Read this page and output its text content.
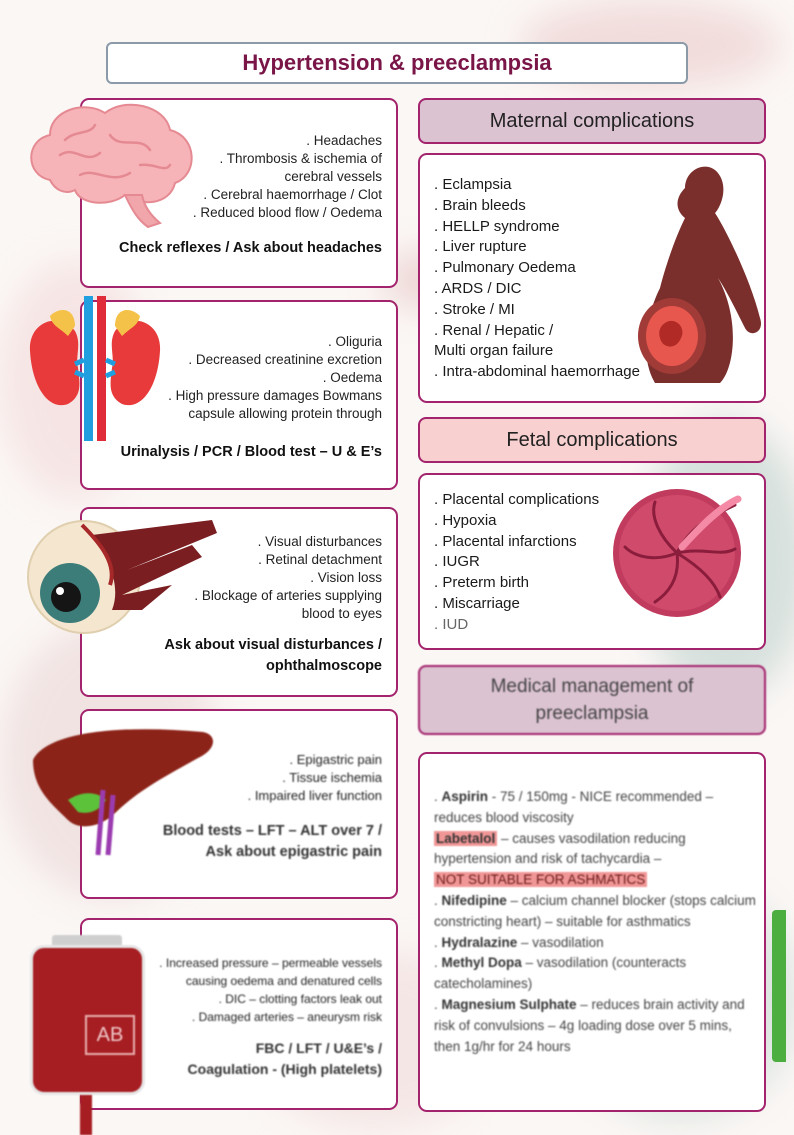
Hypertension & preeclampsia
. Headaches
. Thrombosis & ischemia of
cerebral vessels
. Cerebral haemorrhage / Clot
. Reduced blood flow / Oedema
Check reflexes / Ask about headaches
. Oliguria
. Decreased creatinine excretion
. Oedema
. High pressure damages Bowmans
capsule allowing protein through
Urinalysis / PCR / Blood test – U & E’s
. Visual disturbances
. Retinal detachment
. Vision loss
. Blockage of arteries supplying
blood to eyes
Ask about visual disturbances /
ophthalmoscope
. Epigastric pain
. Tissue ischemia
. Impaired liver function
Blood tests – LFT – ALT over 7 /
Ask about epigastric pain
. Increased pressure – permeable vessels
causing oedema and denatured cells
. DIC – clotting factors leak out
. Damaged arteries – aneurysm risk
FBC / LFT / U&E’s /
Coagulation - (High platelets)
AB
Maternal complications
. Eclampsia
. Brain bleeds
. HELLP syndrome
. Liver rupture
. Pulmonary Oedema
. ARDS / DIC
. Stroke / MI
. Renal / Hepatic /
Multi organ failure
. Intra-abdominal haemorrhage
Fetal complications
. Placental complications
. Hypoxia
. Placental infarctions
. IUGR
. Preterm birth
. Miscarriage
. IUD
Medical management of
preeclampsia
. Aspirin - 75 / 150mg - NICE recommended – reduces blood viscosity
Labetalol – causes vasodilation reducing hypertension and risk of tachycardia –
NOT SUITABLE FOR ASHMATICS
. Nifedipine – calcium channel blocker (stops calcium constricting heart) – suitable for asthmatics
. Hydralazine – vasodilation
. Methyl Dopa – vasodilation (counteracts catecholamines)
. Magnesium Sulphate – reduces brain activity and risk of convulsions – 4g loading dose over 5 mins, then 1g/hr for 24 hours
